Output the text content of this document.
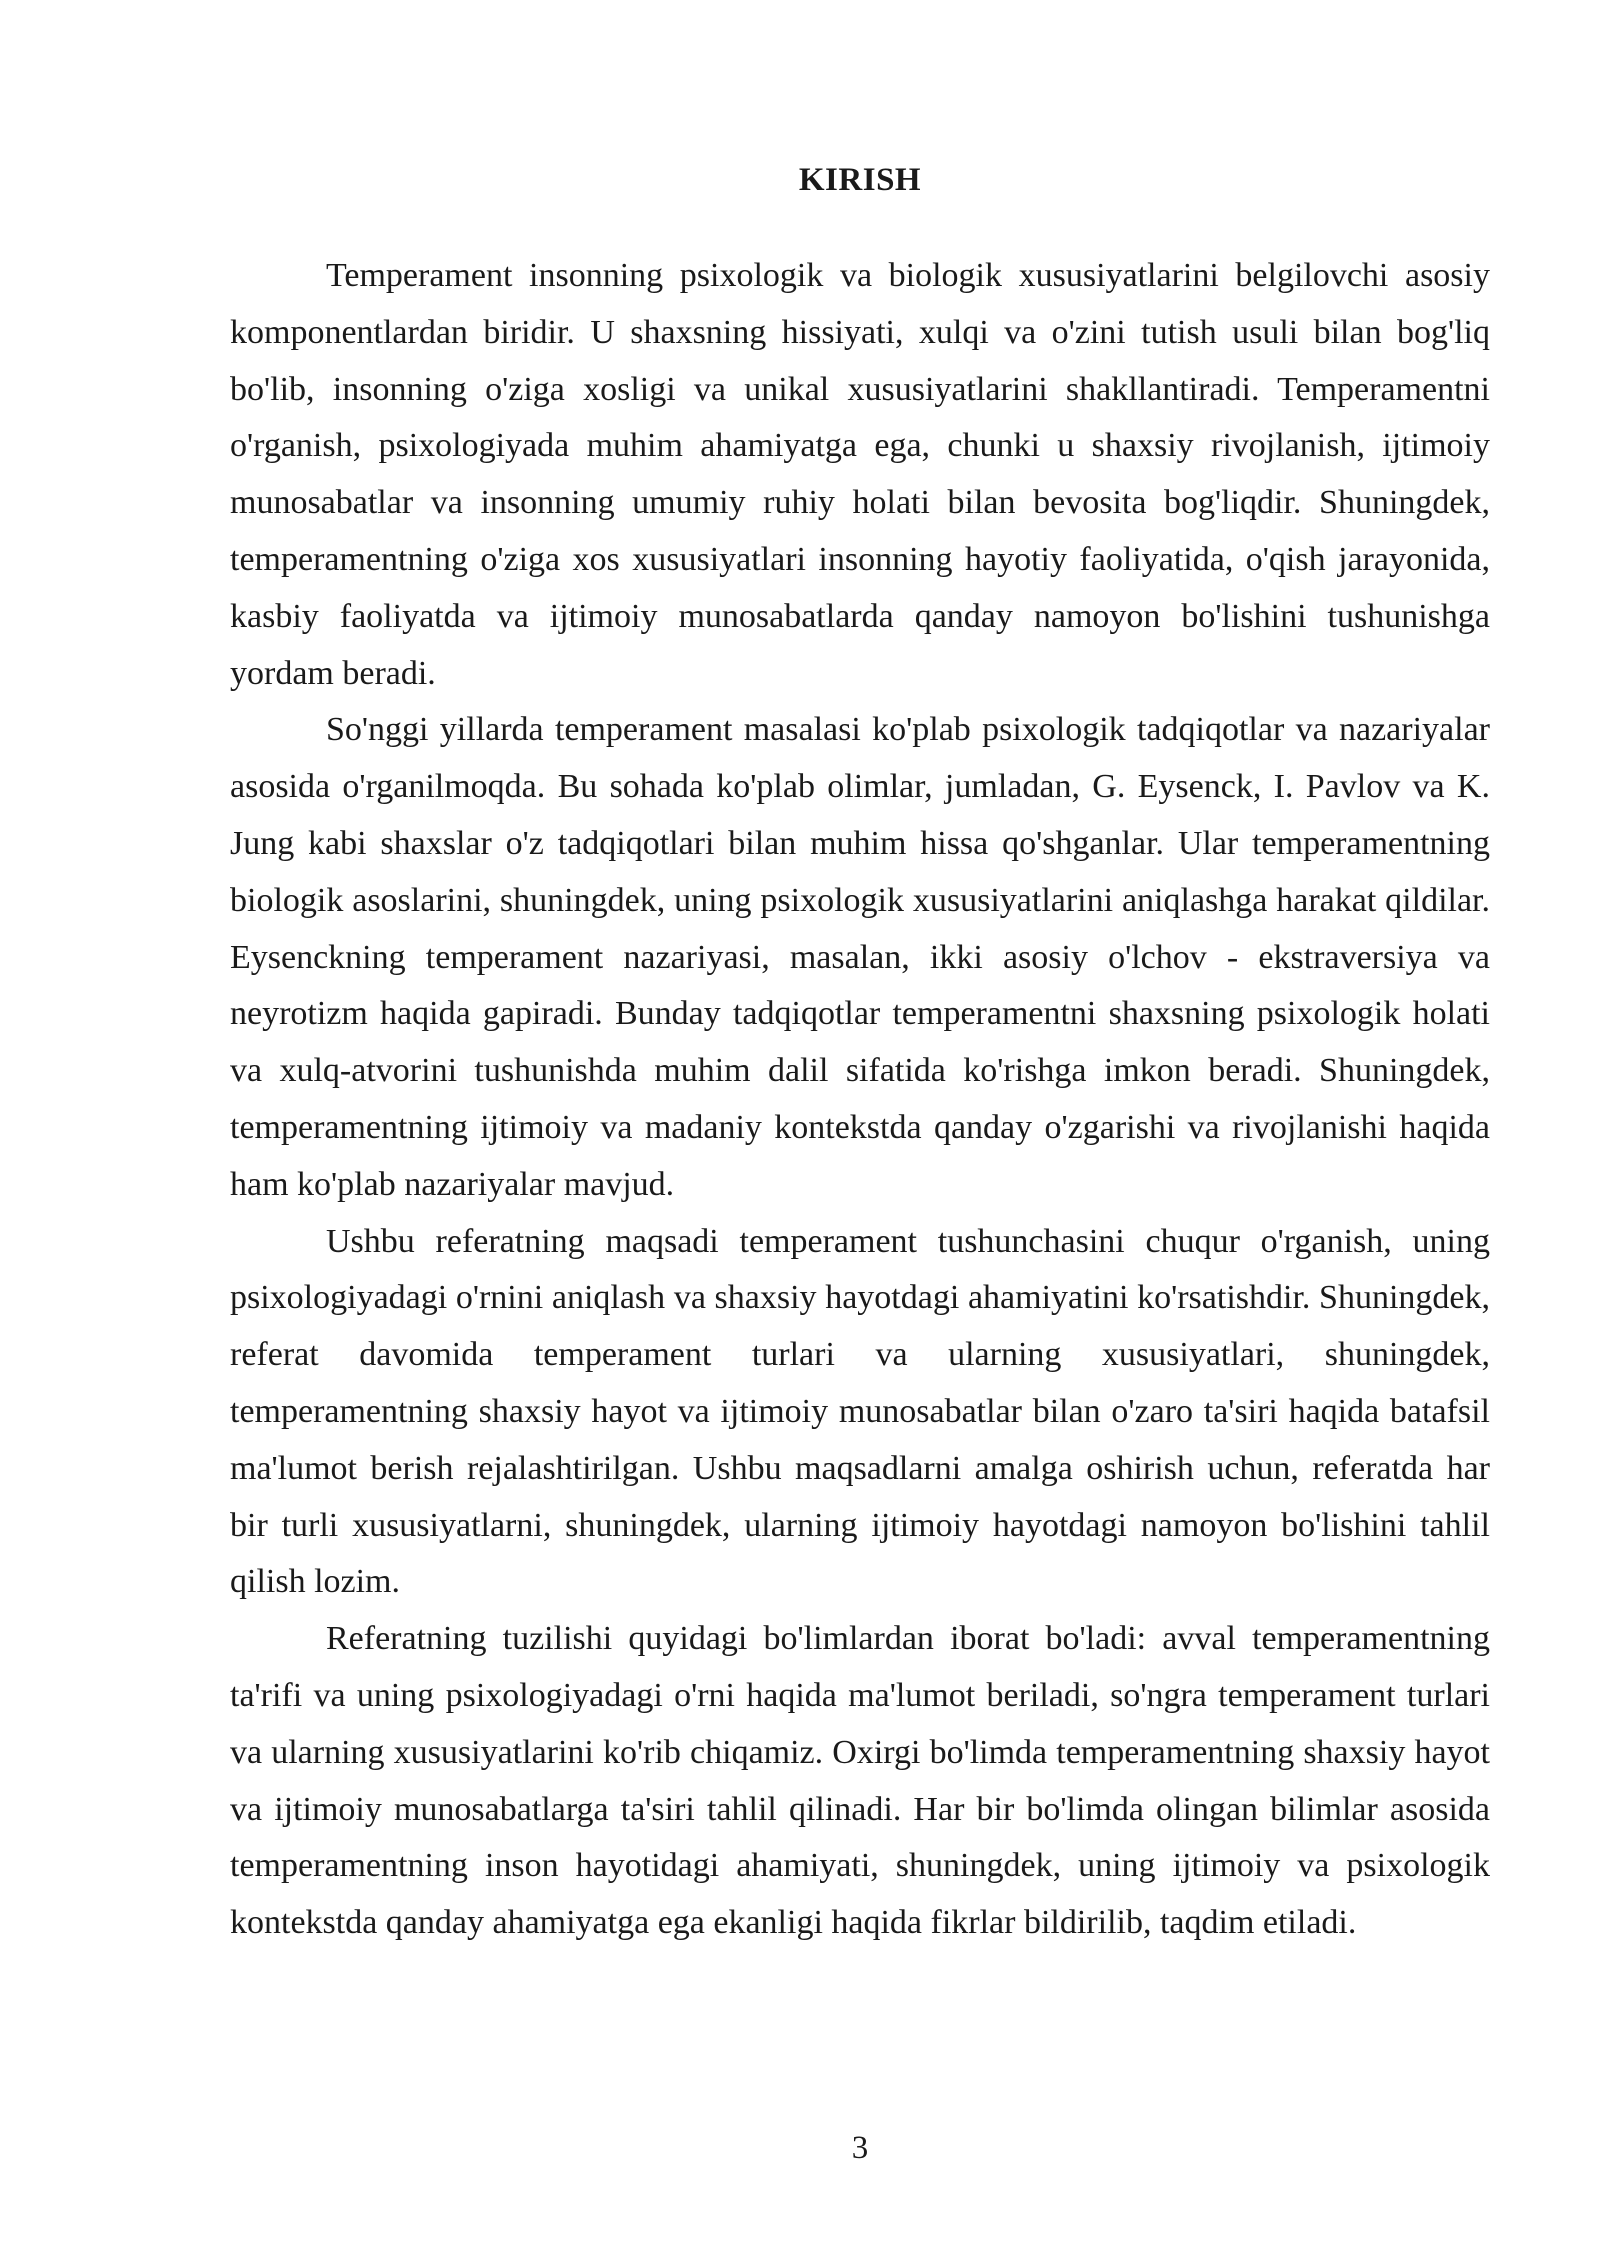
KIRISH

Temperament insonning psixologik va biologik xususiyatlarini belgilovchi asosiy komponentlardan biridir. U shaxsning hissiyati, xulqi va o'zini tutish usuli bilan bog'liq bo'lib, insonning o'ziga xosligi va unikal xususiyatlarini shakllantiradi. Temperamentni o'rganish, psixologiyada muhim ahamiyatga ega, chunki u shaxsiy rivojlanish, ijtimoiy munosabatlar va insonning umumiy ruhiy holati bilan bevosita bog'liqdir. Shuningdek, temperamentning o'ziga xos xususiyatlari insonning hayotiy faoliyatida, o'qish jarayonida, kasbiy faoliyatda va ijtimoiy munosabatlarda qanday namoyon bo'lishini tushunishga yordam beradi.

So'nggi yillarda temperament masalasi ko'plab psixologik tadqiqotlar va nazariyalar asosida o'rganilmoqda. Bu sohada ko'plab olimlar, jumladan, G. Eysenck, I. Pavlov va K. Jung kabi shaxslar o'z tadqiqotlari bilan muhim hissa qo'shganlar. Ular temperamentning biologik asoslarini, shuningdek, uning psixologik xususiyatlarini aniqlashga harakat qildilar. Eysenckning temperament nazariyasi, masalan, ikki asosiy o'lchov - ekstraversiya va neyrotizm haqida gapiradi. Bunday tadqiqotlar temperamentni shaxsning psixologik holati va xulq-atvorini tushunishda muhim dalil sifatida ko'rishga imkon beradi. Shuningdek, temperamentning ijtimoiy va madaniy kontekstda qanday o'zgarishi va rivojlanishi haqida ham ko'plab nazariyalar mavjud.

Ushbu referatning maqsadi temperament tushunchasini chuqur o'rganish, uning psixologiyadagi o'rnini aniqlash va shaxsiy hayotdagi ahamiyatini ko'rsatishdir. Shuningdek, referat davomida temperament turlari va ularning xususiyatlari, shuningdek, temperamentning shaxsiy hayot va ijtimoiy munosabatlar bilan o'zaro ta'siri haqida batafsil ma'lumot berish rejalashtirilgan. Ushbu maqsadlarni amalga oshirish uchun, referatda har bir turli xususiyatlarni, shuningdek, ularning ijtimoiy hayotdagi namoyon bo'lishini tahlil qilish lozim.

Referatning tuzilishi quyidagi bo'limlardan iborat bo'ladi: avval temperamentning ta'rifi va uning psixologiyadagi o'rni haqida ma'lumot beriladi, so'ngra temperament turlari va ularning xususiyatlarini ko'rib chiqamiz. Oxirgi bo'limda temperamentning shaxsiy hayot va ijtimoiy munosabatlarga ta'siri tahlil qilinadi. Har bir bo'limda olingan bilimlar asosida temperamentning inson hayotidagi ahamiyati, shuningdek, uning ijtimoiy va psixologik kontekstda qanday ahamiyatga ega ekanligi haqida fikrlar bildirilib, taqdim etiladi.

3
